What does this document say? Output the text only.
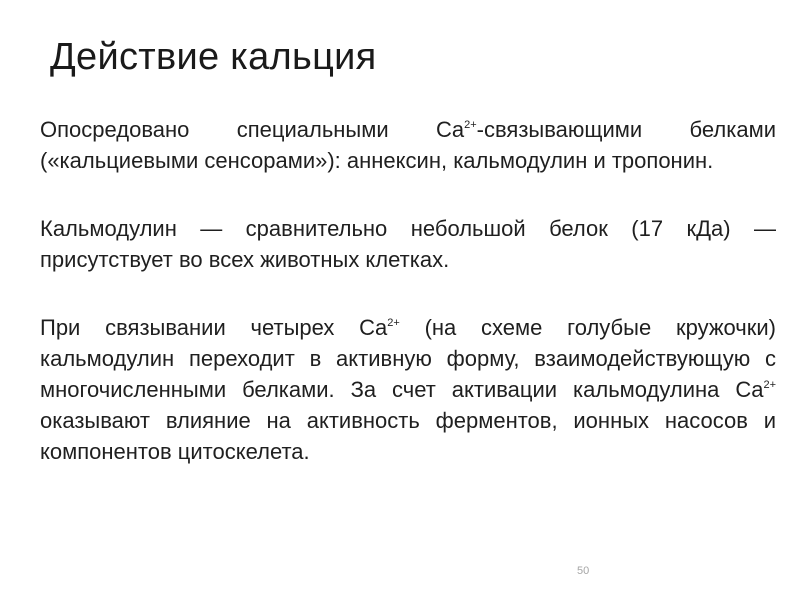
Действие кальция

Опосредовано специальными $Ca^{2+}$-связывающими белками («кальциевыми сенсорами»): аннексин, кальмодулин и тропонин.

Кальмодулин — сравнительно небольшой белок (17 кДа) — присутствует во всех животных клетках.

При связывании четырех $Ca^{2+}$ (на схеме голубые кружочки) кальмодулин переходит в активную форму, взаимодействующую с многочисленными белками. За счет активации кальмодулина $Ca^{2+}$ оказывают влияние на активность ферментов, ионных насосов и компонентов цитоскелета.

50
